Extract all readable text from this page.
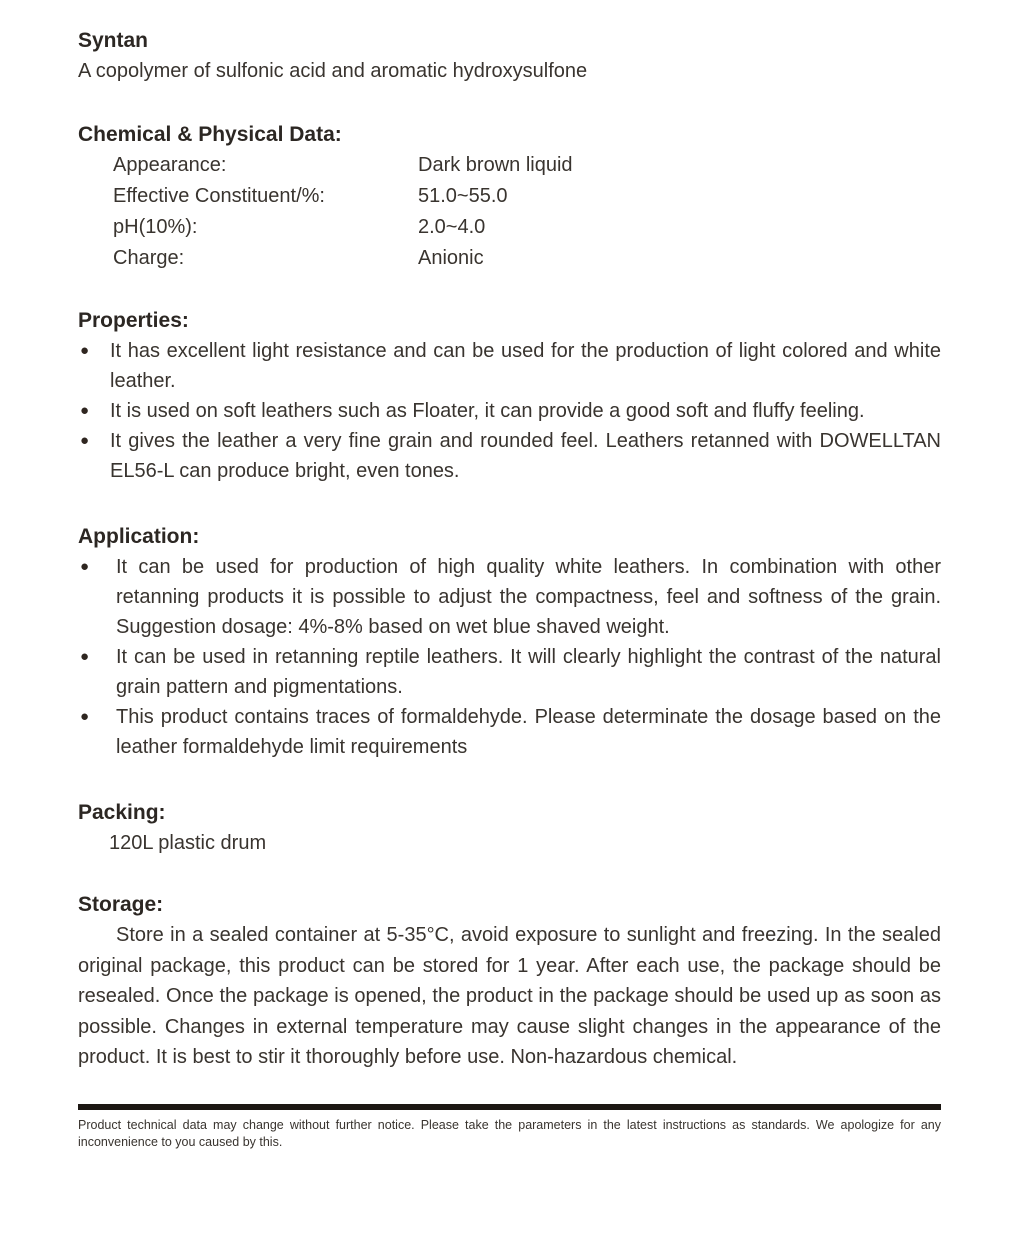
Syntan
A copolymer of sulfonic acid and aromatic hydroxysulfone
Chemical & Physical Data:
Appearance:	Dark brown liquid
Effective Constituent/%:	51.0~55.0
pH(10%):	2.0~4.0
Charge:	Anionic
Properties:
●	It has excellent light resistance and can be used for the production of light colored and white leather.
●	It is used on soft leathers such as Floater, it can provide a good soft and fluffy feeling.
●	It gives the leather a very fine grain and rounded feel. Leathers retanned with DOWELLTAN EL56-L can produce bright, even tones.
Application:
●	It can be used for production of high quality white leathers. In combination with other retanning products it is possible to adjust the compactness, feel and softness of the grain. Suggestion dosage: 4%-8% based on wet blue shaved weight.
●	It can be used in retanning reptile leathers. It will clearly highlight the contrast of the natural grain pattern and pigmentations.
●	This product contains traces of formaldehyde. Please determinate the dosage based on the leather formaldehyde limit requirements
Packing:
120L plastic drum
Storage:
Store in a sealed container at 5-35°C, avoid exposure to sunlight and freezing. In the sealed original package, this product can be stored for 1 year. After each use, the package should be resealed. Once the package is opened, the product in the package should be used up as soon as possible. Changes in external temperature may cause slight changes in the appearance of the product. It is best to stir it thoroughly before use. Non-hazardous chemical.
Product technical data may change without further notice. Please take the parameters in the latest instructions as standards. We apologize for any inconvenience to you caused by this.
